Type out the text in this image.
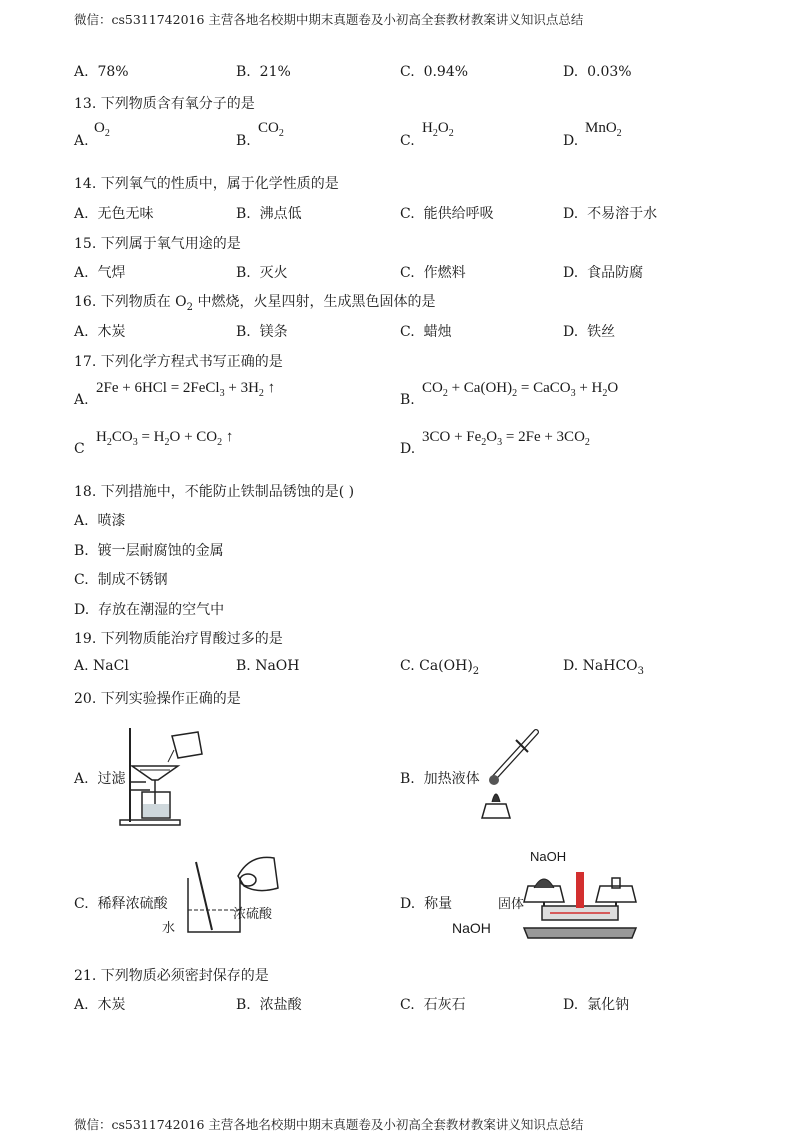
微信：cs5311742016 主营各地名校期中期末真题卷及小初高全套教材教案讲义知识点总结
A. 78%	B. 21%	C. 0.94%	D. 0.03%
13. 下列物质含有氧分子的是
A.
$O_2$	B.
$CO_2$	C.
$H_2O_2$	D.
MnO$_2$
14. 下列氧气的性质中，属于化学性质的是
A. 无色无味	B. 沸点低	C. 能供给呼吸	D. 不易溶于水
15. 下列属于氧气用途的是
A. 气焊	B. 灭火	C. 作燃料	D. 食品防腐
16. 下列物质在 $O_2$ 中燃烧，火星四射，生成黑色固体的是
A. 木炭	B. 镁条	C. 蜡烛	D. 铁丝
17. 下列化学方程式书写正确的是
A.
2Fe + 6HCl = 2FeCl$_3$ + $3H_2$ ↑
B.
$CO_2 + Ca(OH)_2$ = CaCO$_3$ + $H_2O$
C
$H_2CO_3 = H_2O + CO_2$ ↑
D.
$3CO + Fe_2O_3 = 2Fe + 3CO_2$
18. 下列措施中，不能防止铁制品锈蚀的是( )
A. 喷漆
B. 镀一层耐腐蚀的金属
C. 制成不锈钢
D. 存放在潮湿的空气中
19. 下列物质能治疗胃酸过多的是
A. NaCl	B. NaOH	C. $Ca(OH)_2$	D. NaHCO$_3$
20. 下列实验操作正确的是
A. 过滤	B. 加热液体
C. 稀释浓硫酸
水
浓硫酸
D. 称量
NaOH
固体
NaOH
21. 下列物质必须密封保存的是
A. 木炭	B. 浓盐酸	C. 石灰石	D. 氯化钠
微信：cs5311742016 主营各地名校期中期末真题卷及小初高全套教材教案讲义知识点总结
